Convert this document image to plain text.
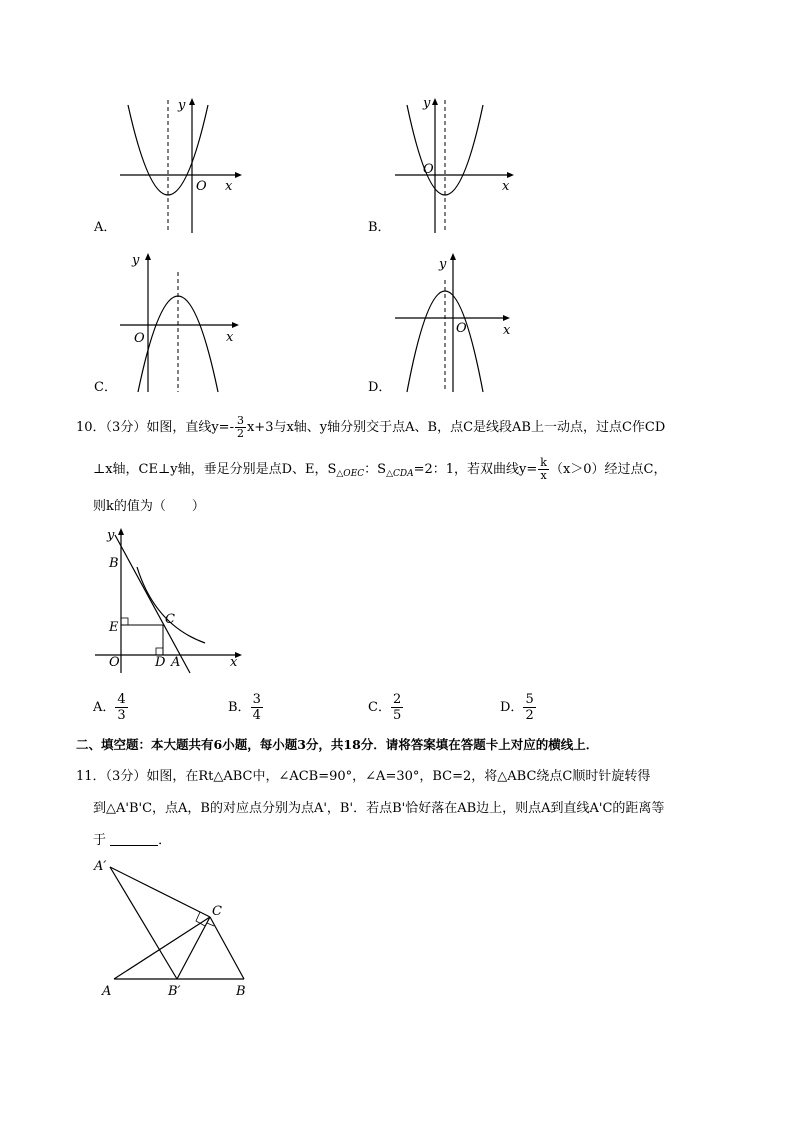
O x
y
A．
O
x
y
B．
O	x
y
C．
O	x
y
D．
10．（3分）如图，直线$y=- \frac{3}{2} x+3$与x轴、y轴分别交于点A、B，点C是线段AB上一动点，过点C作CD
⊥x轴，CE⊥y轴，垂足分别是点D、E，$S_{\triangle OEC}$：$S_{\triangle CDA}=2$：1，若双曲线$y= \frac{k}{x} (x>0)$经过点C，
则k的值为（　　）
y
B
C
E
O	D A	x
A． $\frac{4}{3}$	B． $\frac{3}{4}$	C． $\frac{2}{5}$	D． $\frac{5}{2}$
二、填空题：本大题共有6小题，每小题3分，共18分．请将答案填在答题卡上对应的横线上．
11．（3分）如图，在Rt△ABC中，∠ACB=90°，∠A=30°，BC=2，将△ABC绕点C顺时针旋转得
到△A'B'C，点A，B的对应点分别为点A'，B'．若点B'恰好落在AB边上，则点A到直线A'C的距离等
于	．
A′
C
A	B′	B
